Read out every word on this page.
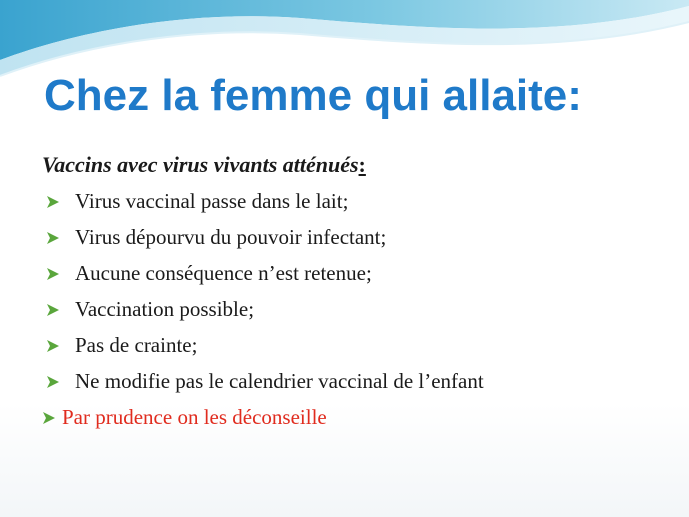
Chez la femme qui allaite:
Vaccins avec virus vivants atténués:
Virus vaccinal passe dans le lait;
Virus dépourvu du pouvoir infectant;
Aucune conséquence n’est retenue;
Vaccination possible;
Pas de crainte;
Ne modifie pas le calendrier vaccinal de l’enfant
Par prudence on les déconseille
